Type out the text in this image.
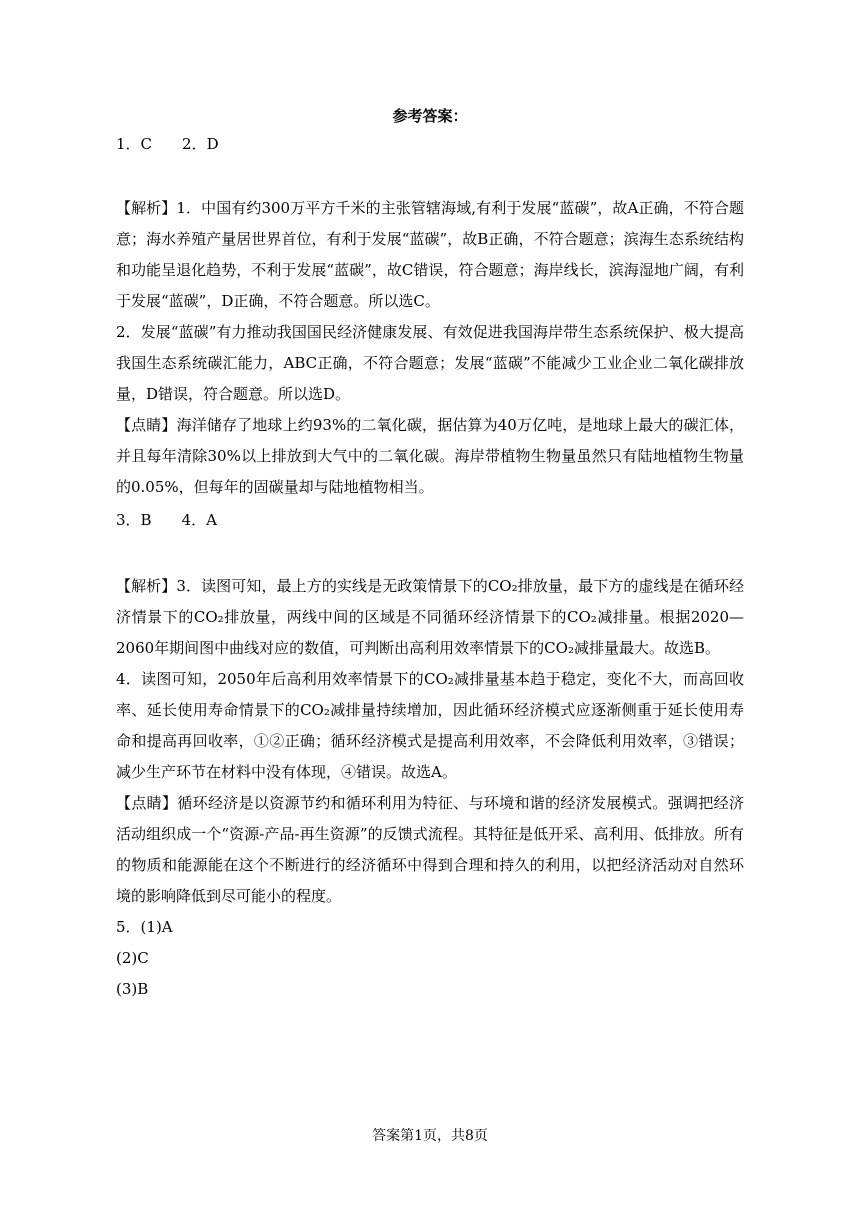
参考答案：
1．C　　2．D

【解析】1．中国有约300万平方千米的主张管辖海域,有利于发展“蓝碳”，故A正确，不符合题意；海水养殖产量居世界首位，有利于发展“蓝碳”，故B正确，不符合题意；滨海生态系统结构和功能呈退化趋势，不利于发展“蓝碳”，故C错误，符合题意；海岸线长，滨海湿地广阔，有利于发展“蓝碳”，D正确，不符合题意。所以选C。

2．发展“蓝碳”有力推动我国国民经济健康发展、有效促进我国海岸带生态系统保护、极大提高我国生态系统碳汇能力，ABC正确，不符合题意；发展“蓝碳”不能减少工业企业二氧化碳排放量，D错误，符合题意。所以选D。

【点睛】海洋储存了地球上约93%的二氧化碳，据估算为40万亿吨，是地球上最大的碳汇体，并且每年清除30%以上排放到大气中的二氧化碳。海岸带植物生物量虽然只有陆地植物生物量的0.05%，但每年的固碳量却与陆地植物相当。

3．B　　4．A

【解析】3．读图可知，最上方的实线是无政策情景下的CO₂排放量，最下方的虚线是在循环经济情景下的CO₂排放量，两线中间的区域是不同循环经济情景下的CO₂减排量。根据2020—2060年期间图中曲线对应的数值，可判断出高利用效率情景下的CO₂减排量最大。故选B。

4．读图可知，2050年后高利用效率情景下的CO₂减排量基本趋于稳定，变化不大，而高回收率、延长使用寿命情景下的CO₂减排量持续增加，因此循环经济模式应逐渐侧重于延长使用寿命和提高再回收率，①②正确；循环经济模式是提高利用效率，不会降低利用效率，③错误；减少生产环节在材料中没有体现，④错误。故选A。

【点睛】循环经济是以资源节约和循环利用为特征、与环境和谐的经济发展模式。强调把经济活动组织成一个“资源-产品-再生资源”的反馈式流程。其特征是低开采、高利用、低排放。所有的物质和能源能在这个不断进行的经济循环中得到合理和持久的利用，以把经济活动对自然环境的影响降低到尽可能小的程度。

5．(1)A

(2)C

(3)B

答案第1页，共8页
